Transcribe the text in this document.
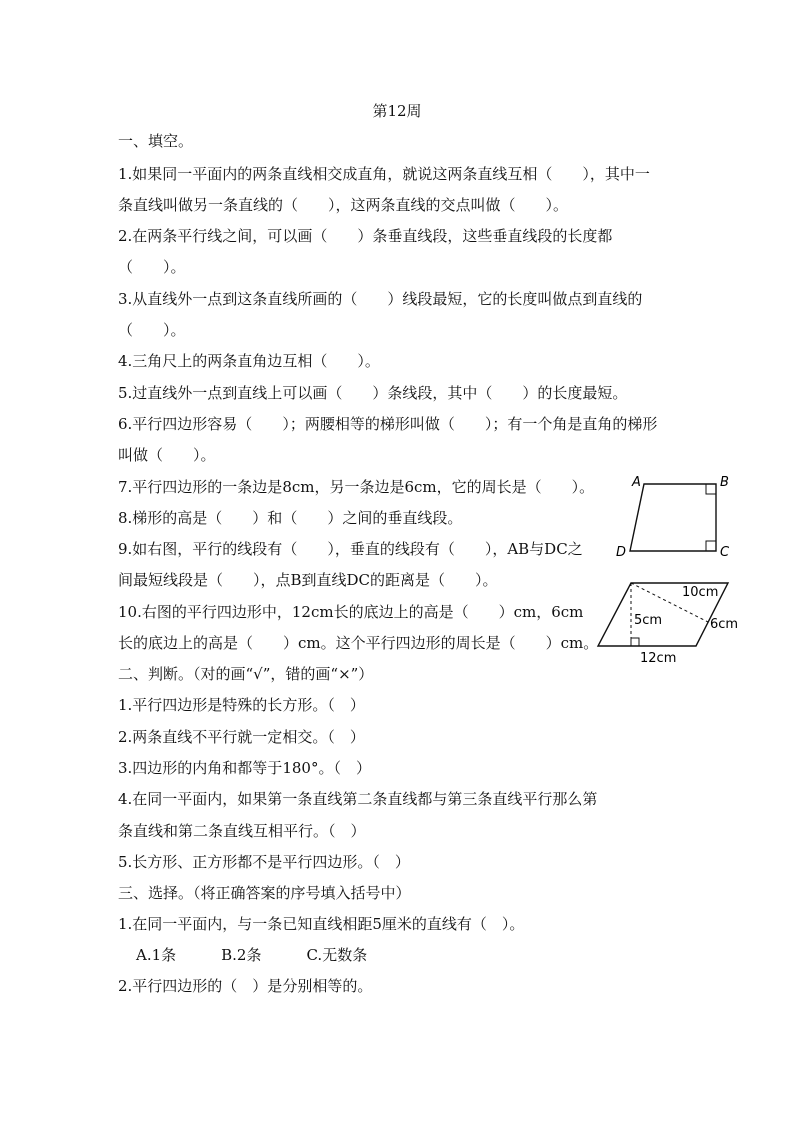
第12周
一、填空。
1.如果同一平面内的两条直线相交成直角，就说这两条直线互相（　　），其中一
条直线叫做另一条直线的（　　），这两条直线的交点叫做（　　）。
2.在两条平行线之间，可以画（　　）条垂直线段，这些垂直线段的长度都
（　　）。
3.从直线外一点到这条直线所画的（　　）线段最短，它的长度叫做点到直线的
（　　）。
4.三角尺上的两条直角边互相（　　）。
5.过直线外一点到直线上可以画（　　）条线段，其中（　　）的长度最短。
6.平行四边形容易（　　）；两腰相等的梯形叫做（　　）；有一个角是直角的梯形
叫做（　　）。
7.平行四边形的一条边是8cm，另一条边是6cm，它的周长是（　　）。
8.梯形的高是（　　）和（　　）之间的垂直线段。
9.如右图，平行的线段有（　　），垂直的线段有（　　），AB与DC之
间最短线段是（　　），点B到直线DC的距离是（　　）。
10.右图的平行四边形中，12cm长的底边上的高是（　　）cm，6cm
长的底边上的高是（　　）cm。这个平行四边形的周长是（　　）cm。
二、判断。（对的画“√”，错的画“×”）
1.平行四边形是特殊的长方形。（　）
2.两条直线不平行就一定相交。（　）
3.四边形的内角和都等于180°。（　）
4.在同一平面内，如果第一条直线第二条直线都与第三条直线平行那么第
条直线和第二条直线互相平行。（　）
5.长方形、正方形都不是平行四边形。（　）
三、选择。（将正确答案的序号填入括号中）
1.在同一平面内，与一条已知直线相距5厘米的直线有（　）。
A.1条　　　B.2条　　　C.无数条
2.平行四边形的（　）是分别相等的。
A	B
D	C
10cm
5cm	6cm
12cm
